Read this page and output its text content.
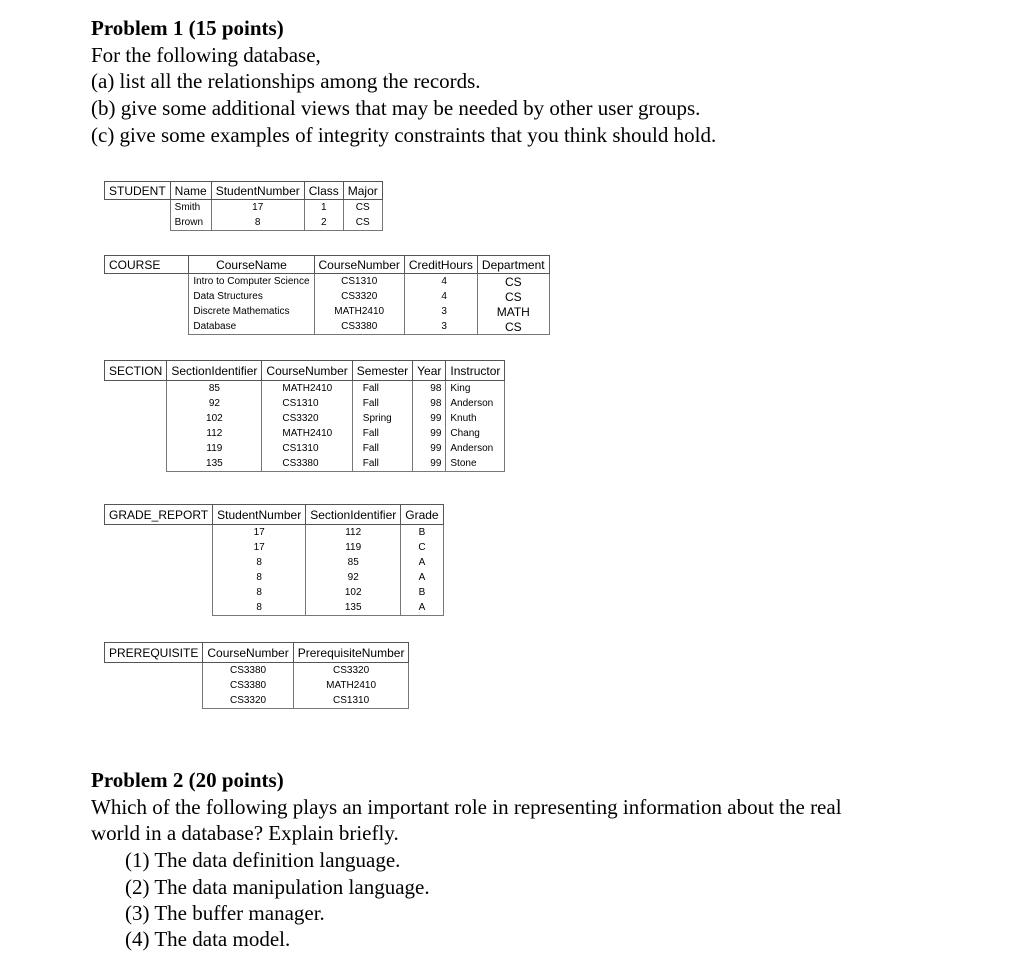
Problem 1 (15 points)
For the following database,
(a) list all the relationships among the records.
(b) give some additional views that may be needed by other user groups.
(c) give some examples of integrity constraints that you think should hold.
STUDENT	Name	StudentNumber	Class	Major
	Smith	17	1	CS
	Brown	8	2	CS
COURSE	CourseName	CourseNumber	CreditHours	Department
	Intro to Computer Science	CS1310	4	CS
	Data Structures	CS3320	4	CS
	Discrete Mathematics	MATH2410	3	MATH
	Database	CS3380	3	CS
SECTION	SectionIdentifier	CourseNumber	Semester	Year	Instructor
	85	MATH2410	Fall	98	King
	92	CS1310	Fall	98	Anderson
	102	CS3320	Spring	99	Knuth
	112	MATH2410	Fall	99	Chang
	119	CS1310	Fall	99	Anderson
	135	CS3380	Fall	99	Stone
GRADE_REPORT	StudentNumber	SectionIdentifier	Grade
	17	112	B
	17	119	C
	8	85	A
	8	92	A
	8	102	B
	8	135	A
PREREQUISITE	CourseNumber	PrerequisiteNumber
	CS3380	CS3320
	CS3380	MATH2410
	CS3320	CS1310
Problem 2 (20 points)
Which of the following plays an important role in representing information about the real
world in a database? Explain briefly.
(1) The data definition language.
(2) The data manipulation language.
(3) The buffer manager.
(4) The data model.
